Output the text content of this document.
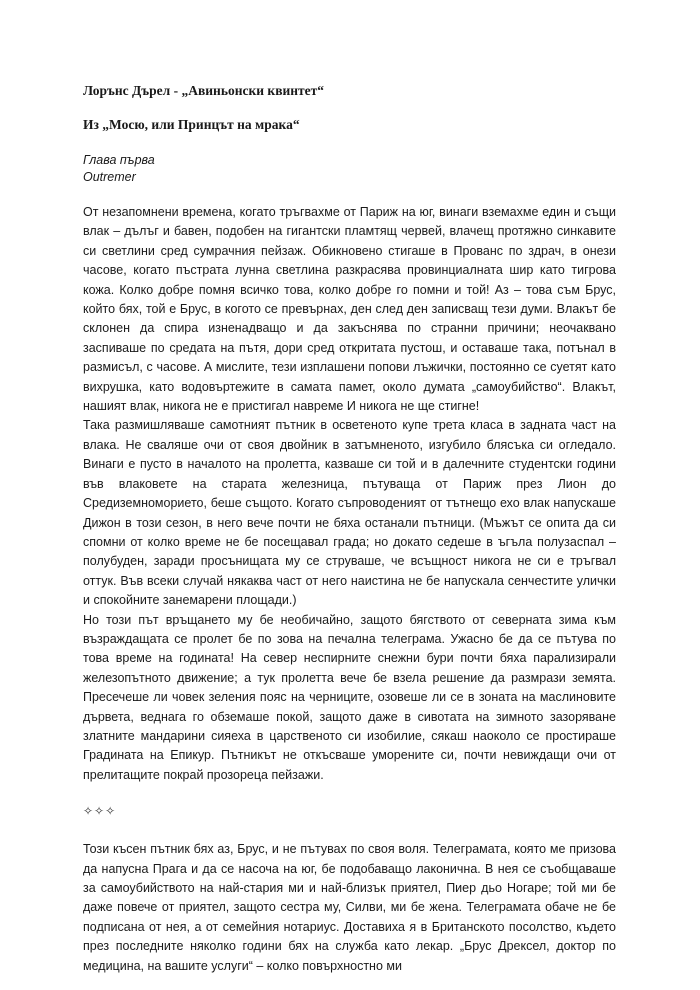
Лорънс Дърел - „Авиньонски квинтет“

Из „Мосю, или Принцът на мрака“

Глава първа
Outremer

От незапомнени времена, когато тръгвахме от Париж на юг, винаги вземахме един и същи влак – дълъг и бавен, подобен на гигантски пламтящ червей, влачещ протяжно синкавите си светлини сред сумрачния пейзаж. Обикновено стигаше в Прованс по здрач, в онези часове, когато пъстрата лунна светлина разкрасява провинциалната шир като тигрова кожа. Колко добре помня всичко това, колко добре го помни и той! Аз – това съм Брус, който бях, той е Брус, в когото се превърнах, ден след ден записващ тези думи. Влакът бе склонен да спира изненадващо и да закъснява по странни причини; неочаквано заспиваше по средата на пътя, дори сред откритата пустош, и оставаше така, потънал в размисъл, с часове. А мислите, тези изплашени попови лъжички, постоянно се суетят като вихрушка, като водовъртежите в самата памет, около думата „самоубийство“. Влакът, нашият влак, никога не е пристигал навреме И никога не ще стигне!

Така размишляваше самотният пътник в осветеното купе трета класа в задната част на влака. Не сваляше очи от своя двойник в затъмненото, изгубило блясъка си огледало. Винаги е пусто в началото на пролетта, казваше си той и в далечните студентски години във влаковете на старата железница, пътуваща от Париж през Лион до Средиземноморието, беше същото. Когато съпроводеният от тътнещо ехо влак напускаше Дижон в този сезон, в него вече почти не бяха останали пътници. (Мъжът се опита да си спомни от колко време не бе посещавал града; но докато седеше в ъгъла полузаспал – полубуден, заради просънищата му се струваше, че всъщност никога не си е тръгвал оттук. Във всеки случай някаква част от него наистина не бе напускала сенчестите улички и спокойните занемарени площади.)

Но този път връщането му бе необичайно, защото бягството от северната зима към възраждащата се пролет бе по зова на печална телеграма. Ужасно бе да се пътува по това време на годината! На север неспирните снежни бури почти бяха парализирали железопътното движение; а тук пролетта вече бе взела решение да размрази земята. Пресечеше ли човек зеления пояс на черниците, озовеше ли се в зоната на маслиновите дървета, веднага го обземаше покой, защото даже в сивотата на зимното зазоряване златните мандарини сияеха в царственото си изобилие, сякаш наоколо се простираше Градината на Епикур. Пътникът не откъсваше уморените си, почти невиждащи очи от прелитащите покрай прозореца пейзажи.

✧✧✧

Този късен пътник бях аз, Брус, и не пътувах по своя воля. Телеграмата, която ме призова да напусна Прага и да се насоча на юг, бе подобаващо лаконична. В нея се съобщаваше за самоубийството на най-стария ми и най-близък приятел, Пиер дьо Ногаре; той ми бе даже повече от приятел, защото сестра му, Силви, ми бе жена. Телеграмата обаче не бе подписана от нея, а от семейния нотариус. Доставиха я в Британското посолство, където през последните няколко години бях на служба като лекар. „Брус Дрексел, доктор по медицина, на вашите услуги“ – колко повърхностно ми
